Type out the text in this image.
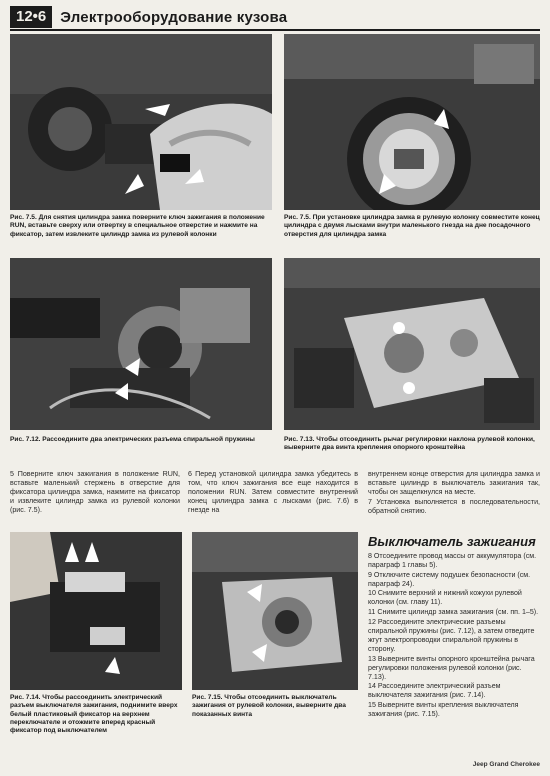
12•6 Электрооборудование кузова
Рис. 7.5. Для снятия цилиндра замка поверните ключ зажигания в положение RUN, вставьте сверху или отвертку в специальное отверстие и нажмите на фиксатор, затем извлеките цилиндр замка из рулевой колонки
Рис. 7.5. При установке цилиндра замка в рулевую колонку совместите конец цилиндра с двумя лысками внутри маленького гнезда на дне посадочного отверстия для цилиндра замка
Рис. 7.12. Рассоедините два электрических разъема спиральной пружины	Рис. 7.13. Чтобы отсоединить рычаг регулировки наклона рулевой колонки, выверните два винта крепления опорного кронштейна

5 Поверните ключ зажигания в положение RUN, вставьте маленький стержень в отверстие для фиксатора цилиндра замка, нажмите на фиксатор и извлеките цилиндр замка из рулевой колонки (рис. 7.5).

6 Перед установкой цилиндра замка убедитесь в том, что ключ зажигания все еще находится в положении RUN. Затем совместите внутренний конец цилиндра замка с лысками (рис. 7.6) в гнезде на

внутреннем конце отверстия для цилиндра замка и вставьте цилиндр в выключатель зажигания так, чтобы он защелкнулся на месте.

7 Установка выполняется в последовательности, обратной снятию.

Рис. 7.14. Чтобы рассоединить электрический разъем выключателя зажигания, поднимите вверх белый пластиковый фиксатор на верхнем переключателе и отожмите вперед красный фиксатор под выключателем
Рис. 7.15. Чтобы отсоединить выключатель зажигания от рулевой колонки, выверните два показанных винта
Выключатель зажигания

8 Отсоедините провод массы от аккумулятора (см. параграф 1 главы 5).

9 Отключите систему подушек безопасности (см. параграф 24).

10 Снимите верхний и нижний кожухи рулевой колонки (см. главу 11).

11 Снимите цилиндр замка зажигания (см. пп. 1–5).

12 Рассоедините электрические разъемы спиральной пружины (рис. 7.12), а затем отведите жгут электропроводки спиральной пружины в сторону.

13 Выверните винты опорного кронштейна рычага регулировки положения рулевой колонки (рис. 7.13).

14 Рассоедините электрический разъем выключателя зажигания (рис. 7.14).

15 Выверните винты крепления выключателя зажигания (рис. 7.15).

Jeep Grand Cherokee
